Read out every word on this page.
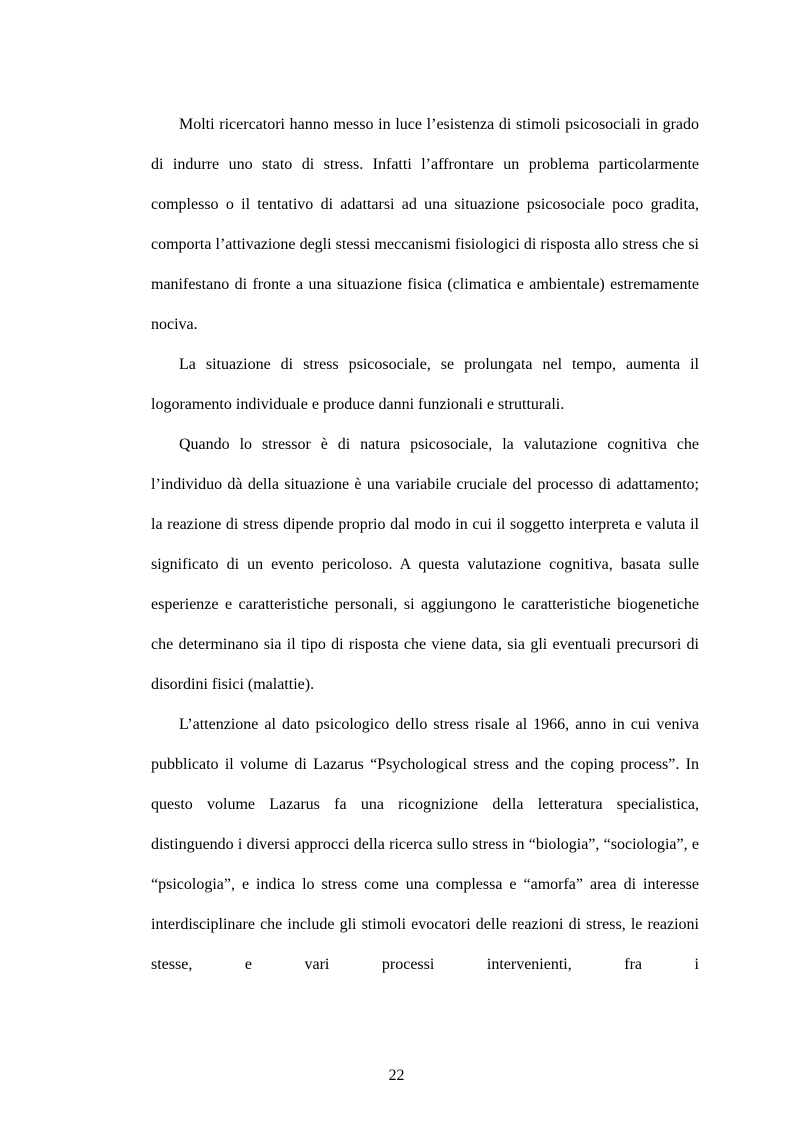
Molti ricercatori hanno messo in luce l’esistenza di stimoli psicosociali in grado di indurre uno stato di stress. Infatti l’affrontare un problema particolarmente complesso o il tentativo di adattarsi ad una situazione psicosociale poco gradita, comporta l’attivazione degli stessi meccanismi fisiologici di risposta allo stress che si manifestano di fronte a una situazione fisica (climatica e ambientale) estremamente nociva.

La situazione di stress psicosociale, se prolungata nel tempo, aumenta il logoramento individuale e produce danni funzionali e strutturali.

Quando lo stressor è di natura psicosociale, la valutazione cognitiva che l’individuo dà della situazione è una variabile cruciale del processo di adattamento; la reazione di stress dipende proprio dal modo in cui il soggetto interpreta e valuta il significato di un evento pericoloso. A questa valutazione cognitiva, basata sulle esperienze e caratteristiche personali, si aggiungono le caratteristiche biogenetiche che determinano sia il tipo di risposta che viene data, sia gli eventuali precursori di disordini fisici (malattie).

L’attenzione al dato psicologico dello stress risale al 1966, anno in cui veniva pubblicato il volume di Lazarus “Psychological stress and the coping process”. In questo volume Lazarus fa una ricognizione della letteratura specialistica, distinguendo i diversi approcci della ricerca sullo stress in “biologia”, “sociologia”, e “psicologia”, e indica lo stress come una complessa e “amorfa” area di interesse interdisciplinare che include gli stimoli evocatori delle reazioni di stress, le reazioni stesse, e vari processi intervenienti, fra i

22
